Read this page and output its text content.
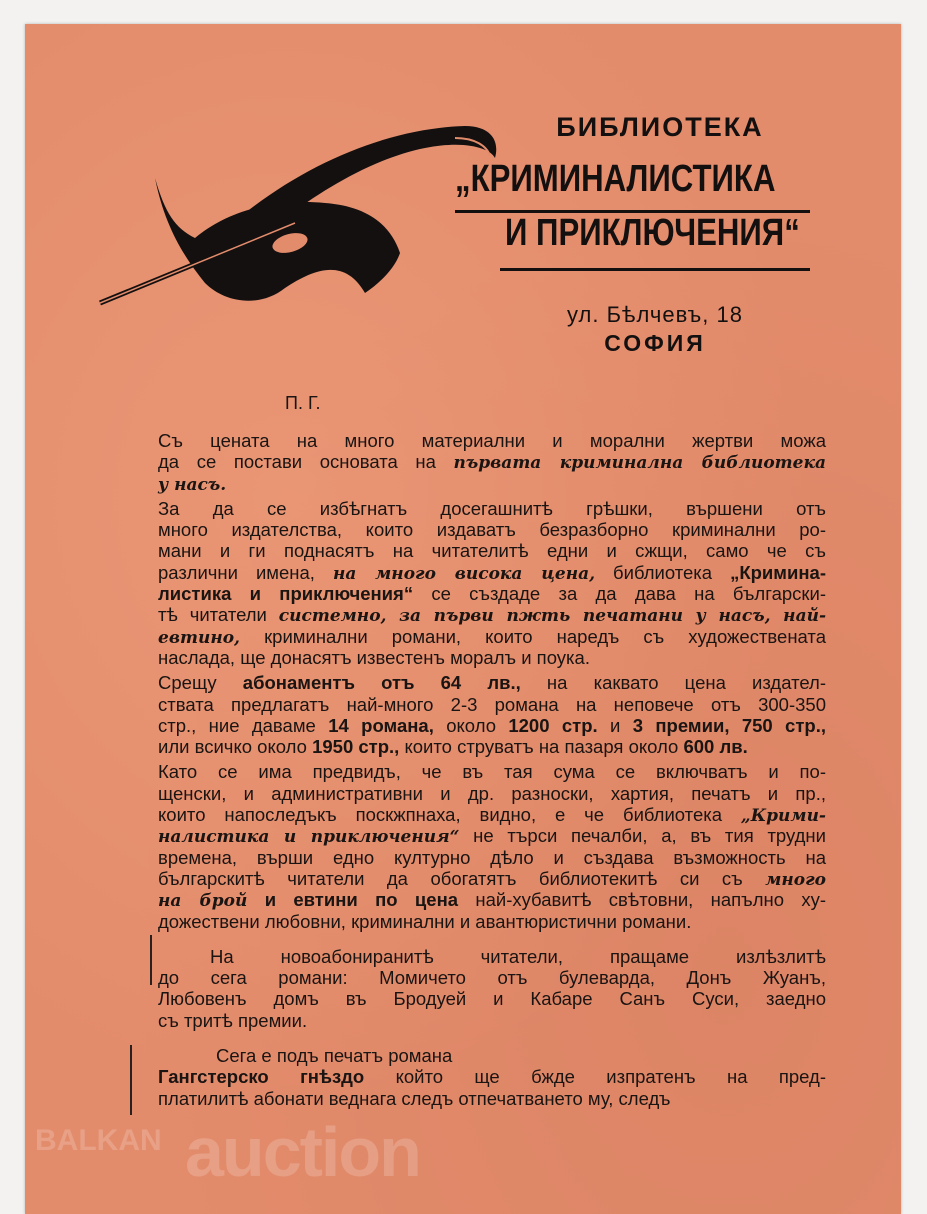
BALKAN auction
БИБЛИОТЕКА
„КРИМИНАЛИСТИКА
И ПРИКЛЮЧЕНИЯ“
ул. Бѣлчевъ, 18
СОФИЯ
П. Г.
Съ цената на много материални и морални жертви можа
да се постави основата на първата криминална библиотека
у насъ.
За да се избѣгнатъ досегашнитѣ грѣшки, вършени отъ
много издателства, които издаватъ безразборно криминални ро-
мани и ги поднасятъ на читателитѣ едни и сжщи, само че съ
различни имена, на много висока цена, библиотека „Кримина-
листика и приключения“ се създаде за да дава на български-
тѣ читатели системно, за първи пжть печатани у насъ, най-
евтино, криминални романи, които наредъ съ художествената
наслада, ще донасятъ известенъ моралъ и поука.
Срещу абонаментъ отъ 64 лв., на каквато цена издател-
ствата предлагатъ най-много 2-3 романа на неповече отъ 300-350
стр., ние даваме 14 романа, около 1200 стр. и 3 премии, 750 стр.,
или всичко около 1950 стр., които струватъ на пазаря около 600 лв.
Като се има предвидъ, че въ тая сума се включватъ и по-
щенски, и административни и др. разноски, хартия, печатъ и пр.,
които напоследъкъ поскжпнаха, видно, е че библиотека „Крими-
налистика и приключения“ не търси печалби, а, въ тия трудни
времена, върши едно културно дѣло и създава възможность на
българскитѣ читатели да обогатятъ библиотекитѣ си съ много
на брой и евтини по цена най-хубавитѣ свѣтовни, напълно ху-
дожествени любовни, криминални и авантюристични романи.
На новоабониранитѣ читатели, пращаме излѣзлитѣ
до сега романи: Момичето отъ булеварда, Донъ Жуанъ,
Любовенъ домъ въ Бродуей и Кабаре Санъ Суси, заедно
съ тритѣ премии.
Сега е подъ печатъ романа
Гангстерско гнѣздо който ще бжде изпратенъ на пред-
платилитѣ абонати веднага следъ отпечатването му, следъ
